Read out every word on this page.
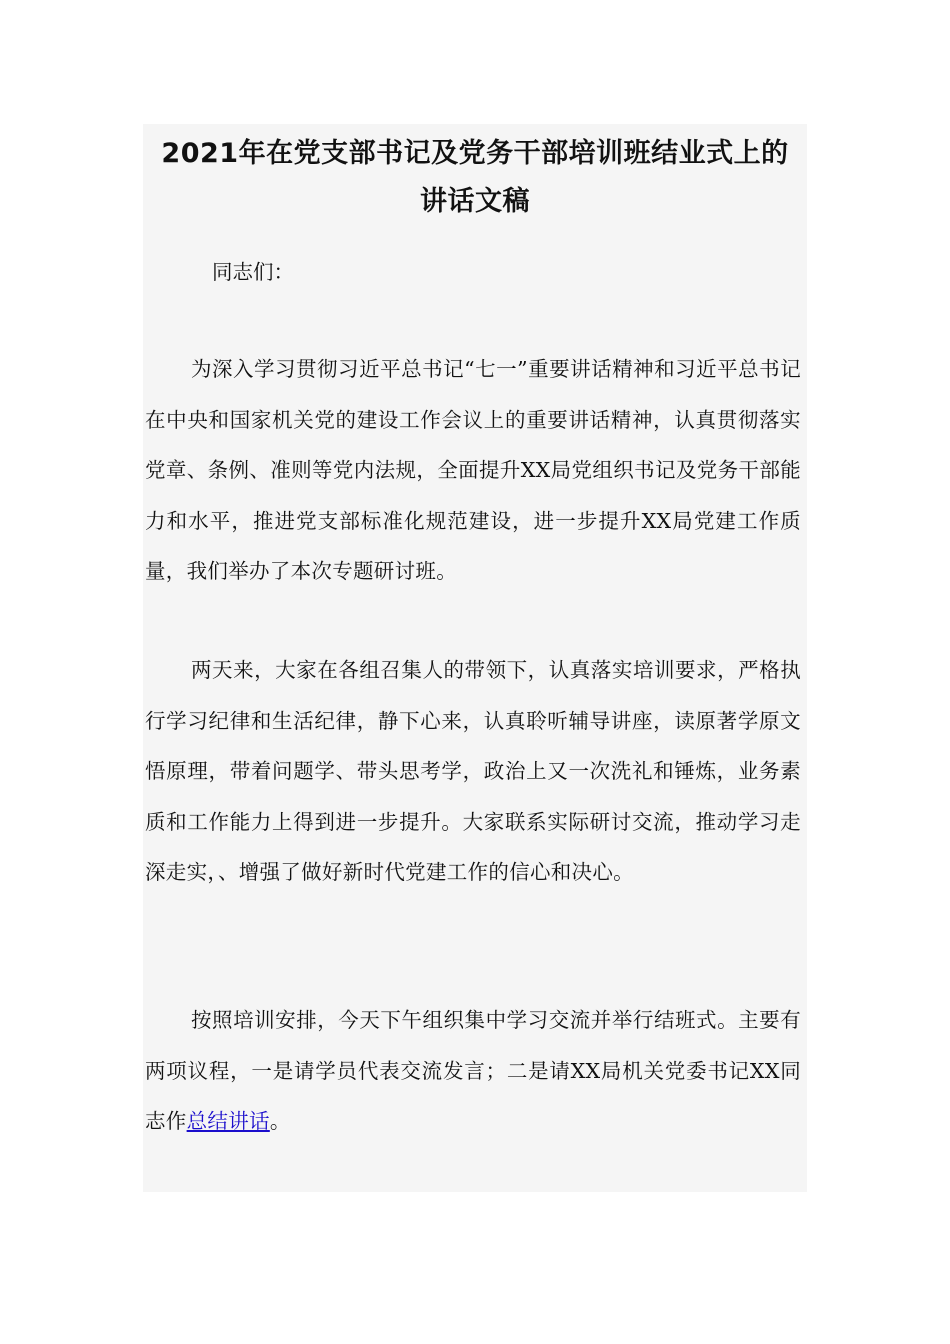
2021年在党支部书记及党务干部培训班结业式上的
讲话文稿

同志们：

为深入学习贯彻习近平总书记“七一”重要讲话精神和习近平总书记在中央和国家机关党的建设工作会议上的重要讲话精神，认真贯彻落实党章、条例、准则等党内法规，全面提升XX局党组织书记及党务干部能力和水平，推进党支部标准化规范建设，进一步提升XX局党建工作质量，我们举办了本次专题研讨班。

两天来，大家在各组召集人的带领下，认真落实培训要求，严格执行学习纪律和生活纪律，静下心来，认真聆听辅导讲座，读原著学原文悟原理，带着问题学、带头思考学，政治上又一次洗礼和锤炼，业务素质和工作能力上得到进一步提升。大家联系实际研讨交流，推动学习走深走实，、增强了做好新时代党建工作的信心和决心。

按照培训安排，今天下午组织集中学习交流并举行结班式。主要有两项议程，一是请学员代表交流发言；二是请XX局机关党委书记XX同志作总结讲话。
